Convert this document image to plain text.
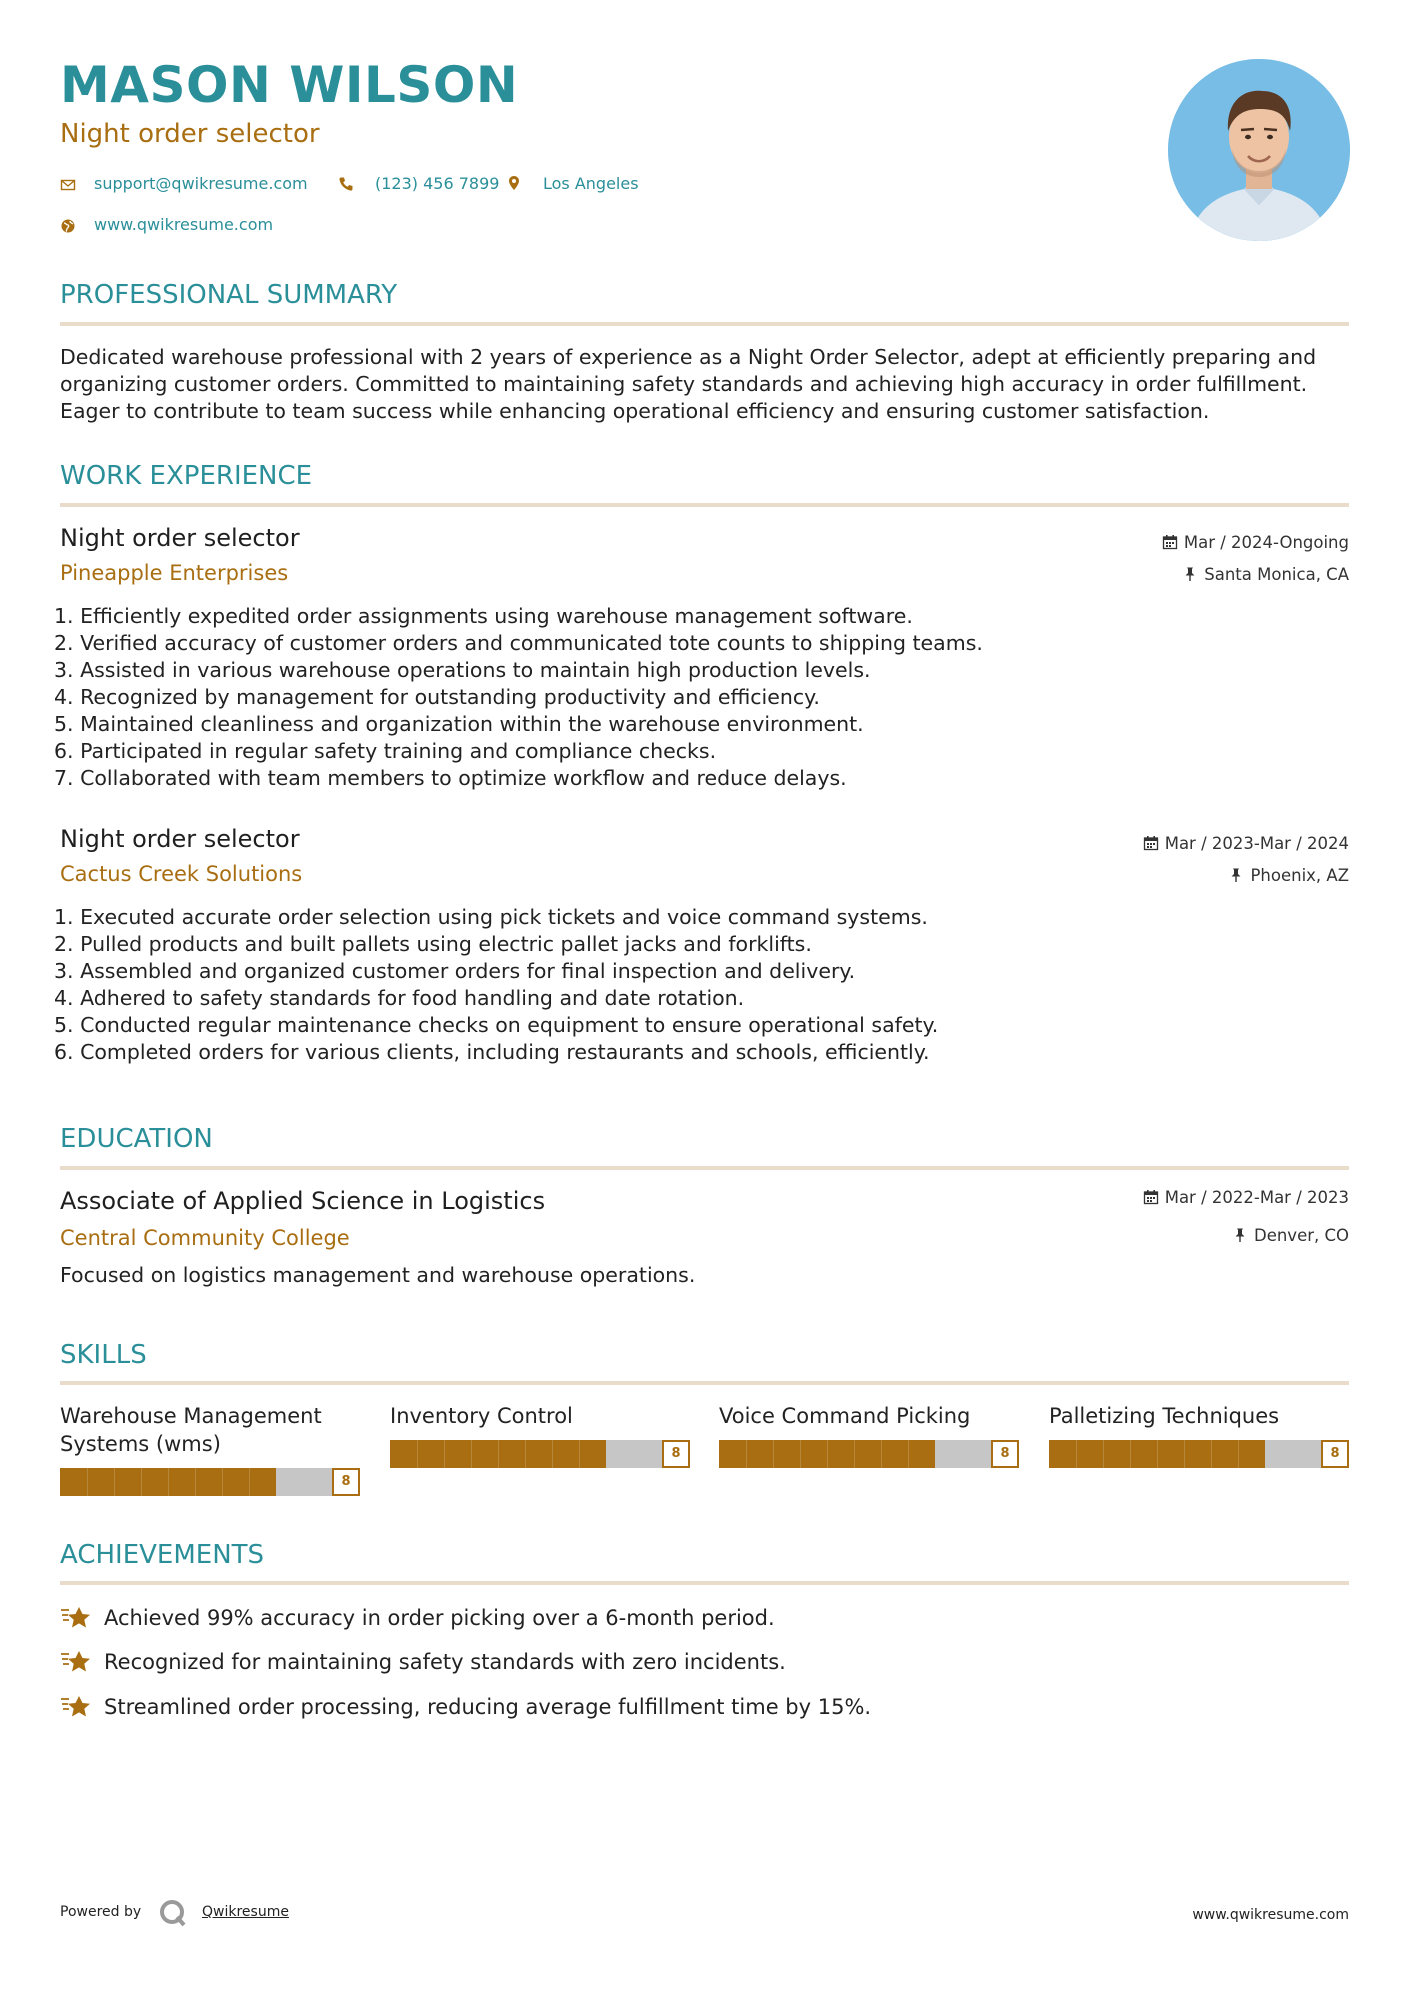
MASON WILSON
Night order selector
support@qwikresume.com	(123) 456 7899	Los Angeles
www.qwikresume.com
PROFESSIONAL SUMMARY
Dedicated warehouse professional with 2 years of experience as a Night Order Selector, adept at efficiently preparing and
organizing customer orders. Committed to maintaining safety standards and achieving high accuracy in order fulfillment.
Eager to contribute to team success while enhancing operational efficiency and ensuring customer satisfaction.
WORK EXPERIENCE
Night order selector
Pineapple Enterprises
Mar / 2024-Ongoing
Santa Monica, CA
1. Efficiently expedited order assignments using warehouse management software.
2. Verified accuracy of customer orders and communicated tote counts to shipping teams.
3. Assisted in various warehouse operations to maintain high production levels.
4. Recognized by management for outstanding productivity and efficiency.
5. Maintained cleanliness and organization within the warehouse environment.
6. Participated in regular safety training and compliance checks.
7. Collaborated with team members to optimize workflow and reduce delays.
Night order selector
Cactus Creek Solutions
Mar / 2023-Mar / 2024
Phoenix, AZ
1. Executed accurate order selection using pick tickets and voice command systems.
2. Pulled products and built pallets using electric pallet jacks and forklifts.
3. Assembled and organized customer orders for final inspection and delivery.
4. Adhered to safety standards for food handling and date rotation.
5. Conducted regular maintenance checks on equipment to ensure operational safety.
6. Completed orders for various clients, including restaurants and schools, efficiently.
EDUCATION
Associate of Applied Science in Logistics
Central Community College
Mar / 2022-Mar / 2023
Denver, CO
Focused on logistics management and warehouse operations.
SKILLS
Warehouse Management Systems (wms)
8
Inventory Control
8
Voice Command Picking
8
Palletizing Techniques
8
ACHIEVEMENTS
Achieved 99% accuracy in order picking over a 6-month period.
Recognized for maintaining safety standards with zero incidents.
Streamlined order processing, reducing average fulfillment time by 15%.
Powered by	Qwikresume	www.qwikresume.com
